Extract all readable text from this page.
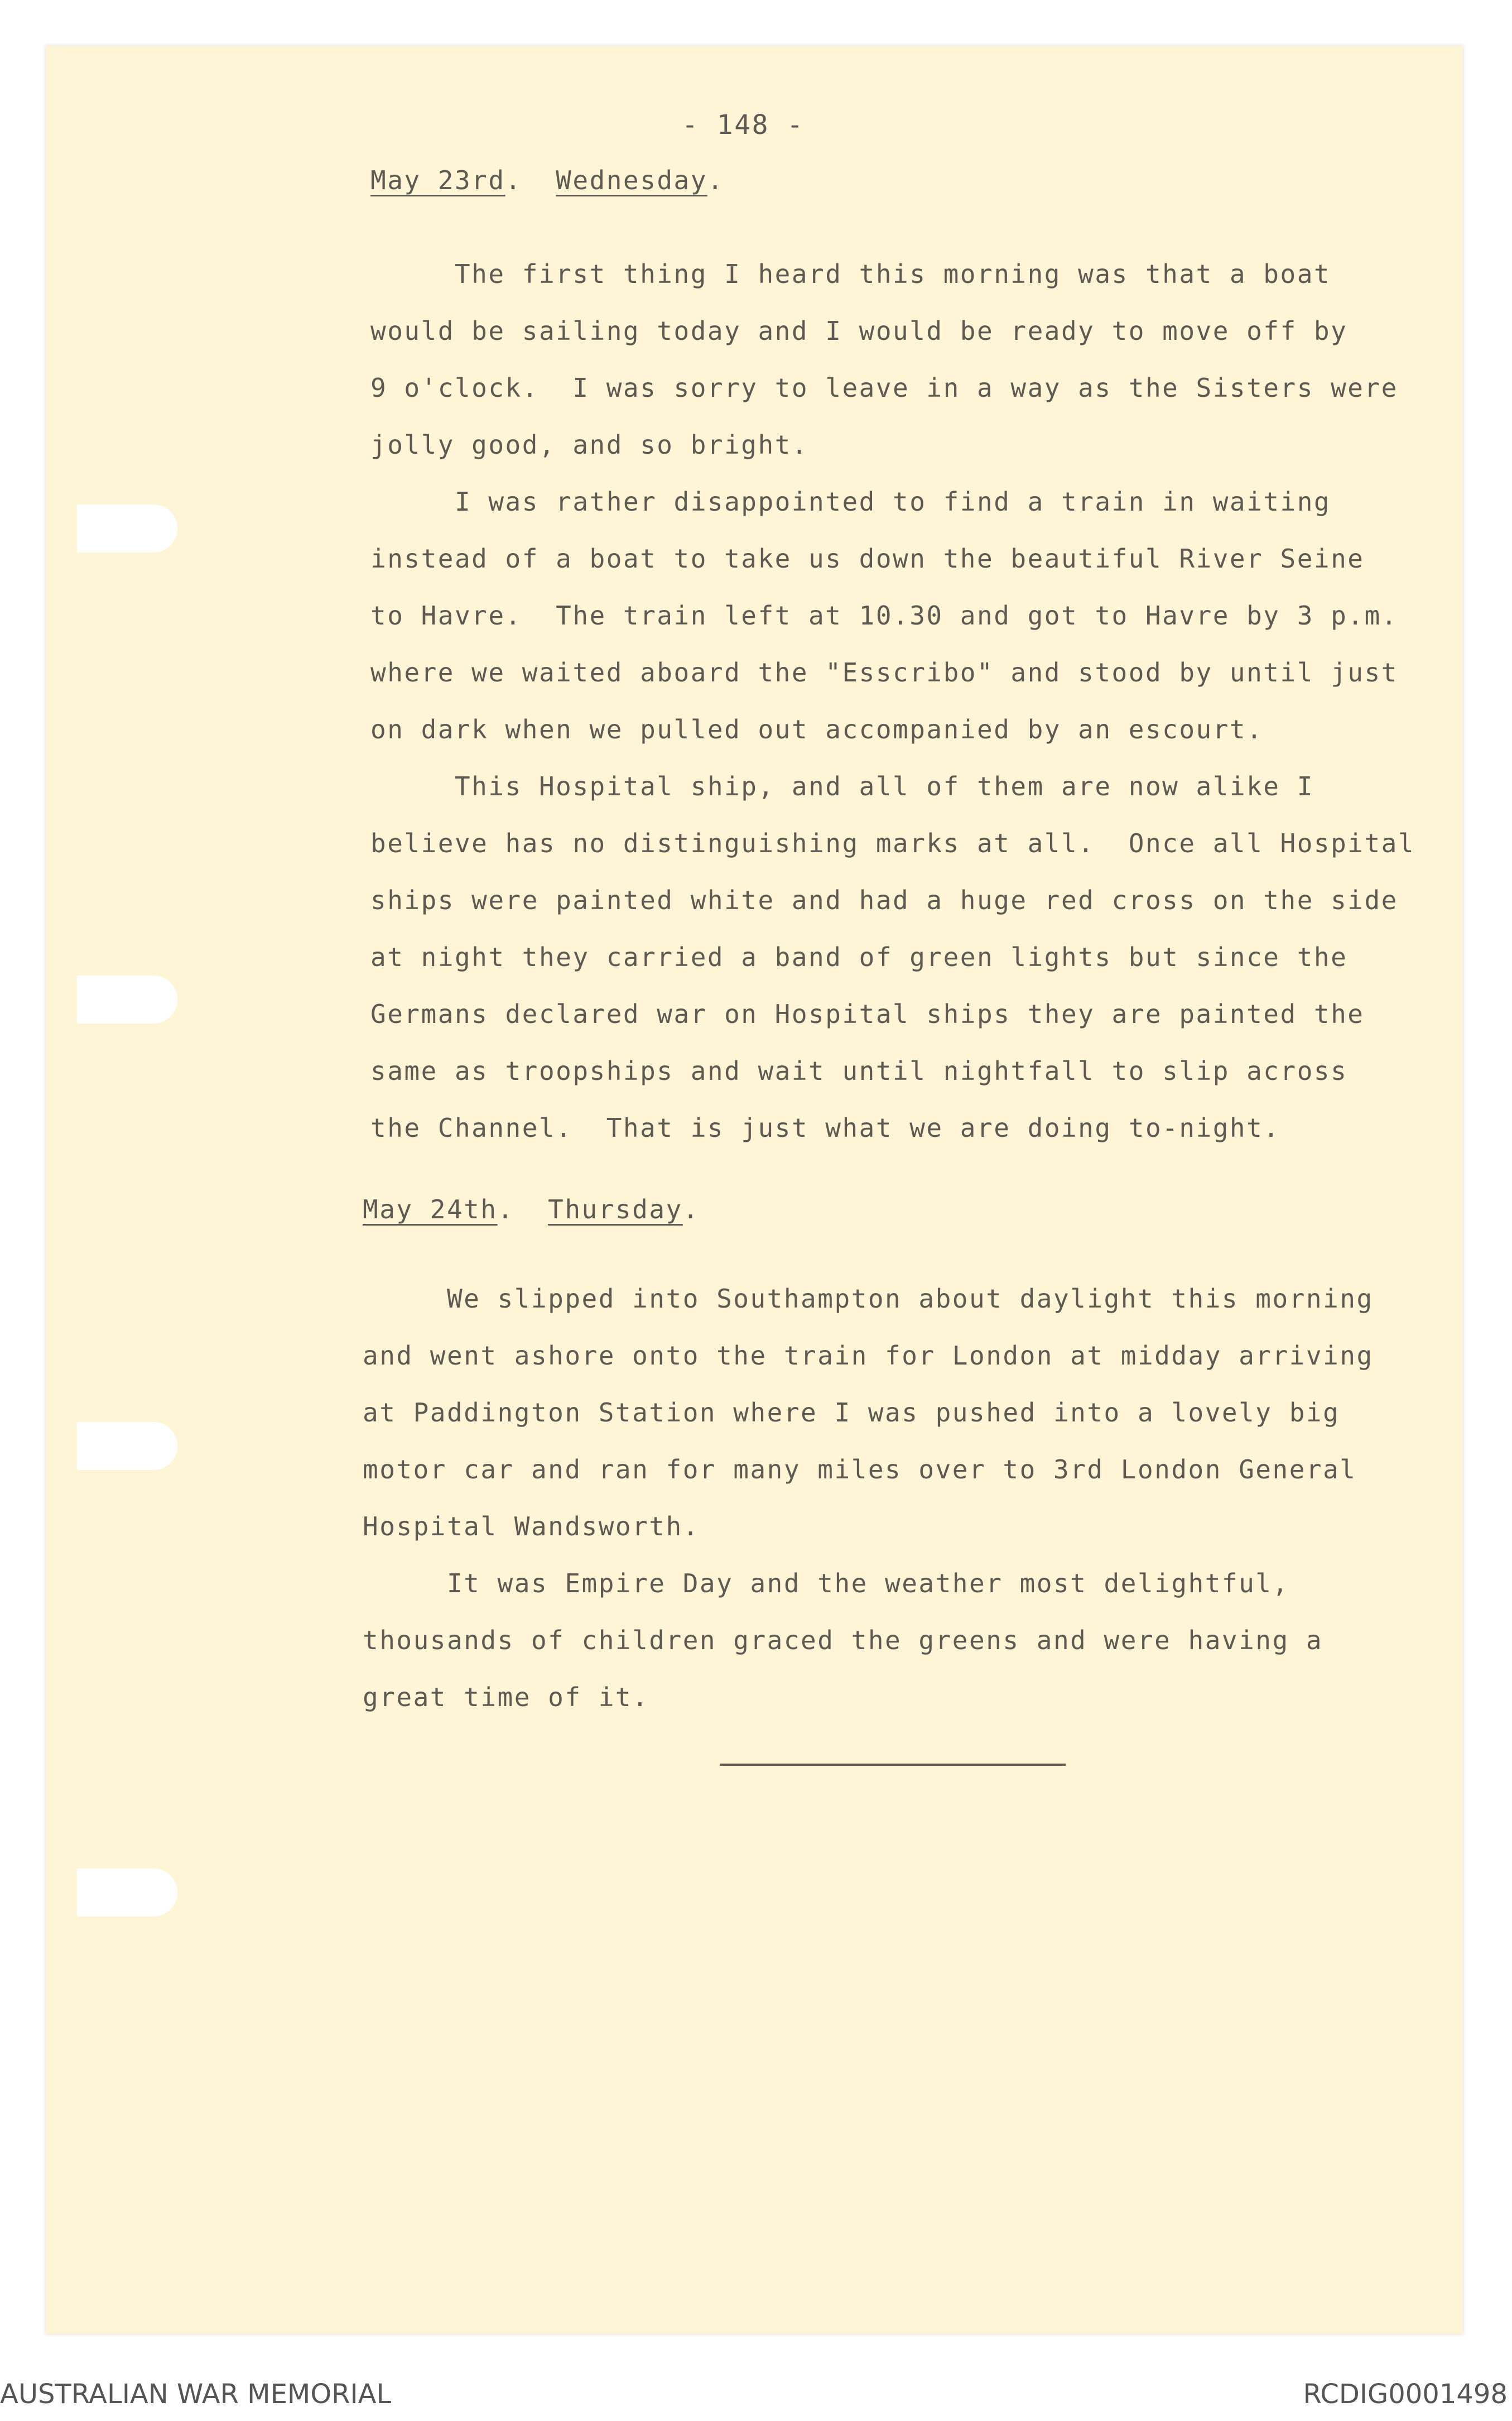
- 148 -
May 23rd.  Wednesday.
The first thing I heard this morning was that a boat
would be sailing today and I would be ready to move off by
9 o'clock.  I was sorry to leave in a way as the Sisters were
jolly good, and so bright.
I was rather disappointed to find a train in waiting
instead of a boat to take us down the beautiful River Seine
to Havre.  The train left at 10.30 and got to Havre by 3 p.m.
where we waited aboard the "Esscribo" and stood by until just
on dark when we pulled out accompanied by an escourt.
This Hospital ship, and all of them are now alike I
believe has no distinguishing marks at all.  Once all Hospital
ships were painted white and had a huge red cross on the side
at night they carried a band of green lights but since the
Germans declared war on Hospital ships they are painted the
same as troopships and wait until nightfall to slip across
the Channel.  That is just what we are doing to-night.
May 24th.  Thursday.
We slipped into Southampton about daylight this morning
and went ashore onto the train for London at midday arriving
at Paddington Station where I was pushed into a lovely big
motor car and ran for many miles over to 3rd London General
Hospital Wandsworth.
It was Empire Day and the weather most delightful,
thousands of children graced the greens and were having a
great time of it.
AUSTRALIAN WAR MEMORIAL	RCDIG0001498
